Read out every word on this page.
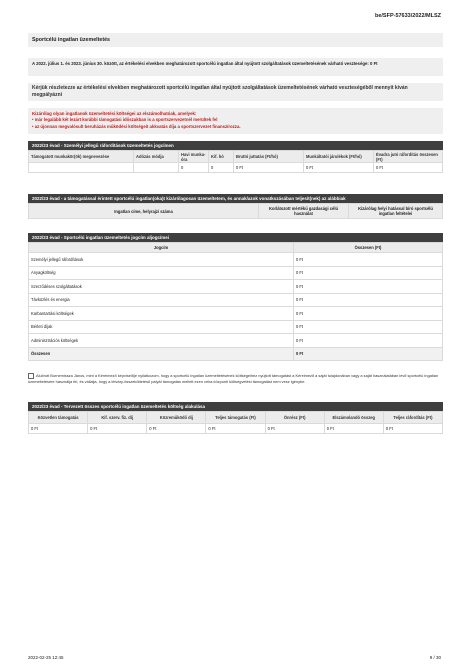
be/SFP-57633/2022/MLSZ
Sportcélú ingatlan üzemeltetés
A 2022. július 1. és 2023. június 30. között, az értékelési elvekben meghatározott sportcélú ingatlan által nyújtott szolgáltatások üzemeltetésének várható vesztesége: 0 Ft
Kérjük részletezze az értékelési elvekben meghatározott sportcélú ingatlan által nyújtott szolgáltatások üzemeltetésének várható veszteségéből mennyit kíván megpályázni
Kizárólag olyan ingatlanok üzemeltetési költségei az elszámolhatóak, amelyek:
• már legalább két lezárt korábbi támogatási időszakban is a sportszervezetnél merültek fel
• az újonnan megvalósult beruházás működési költségeit akkvatás díja a sportszervezet finanszírozza.
2022/23 évad - Személyi jellegű ráfordítások üzemeltetés jogcímen
Támogatott munkakör(ök) megnevezése	Adózás módja	Havi munka-óra	Kif. hó	Bruttó juttatás (Ft/hó)	Munkáltatói járulékok (Ft/hó)	Évadra jutó ráfordítás összesen (Ft)
		0	0	0 Ft	0 Ft	0 Ft
2022/23 évad - a támogatással érintett sportcélú ingatlan(oka)t kizárólagosan üzemeltetem, és annak/azok vonatkozásában teljesít(nek) az alábbiak
Ingatlan címe, helyrajzi száma	Korlátozott mértékű gazdasági célú használat	Kizárólag helyi hatással bíró sportcélú ingatlan feltételei
2022/23 évad - Sportcélú ingatlan üzemeltetés jogcím aljogcímei
Jogcím	Összesen (Ft)
Személyi jellegű ráfordítások	0 Ft
Anyagköltség	0 Ft
Szerződéses szolgáltatások	0 Ft
Távközlés és energia	0 Ft
Karbantartási költségek	0 Ft
Bérleti díjak	0 Ft
Adminisztrációs költségek	0 Ft
Összesen	0 Ft
Alulírott Bornemissza János, mint a Kérelmező képviselője nyilatkozom, hogy a sportcélú ingatlan üzemeltetésének költségeihez nyújtott támogatást a Kérelmező a saját tulajdonában vagy a saját használatában lévő sportcélú ingatlan üzemeltetésére használja fel, és vállalja, hogy a létváry-összeköttetésű pályát támogatás mellett ezen célra központi költségvetési támogatást nem vesz igénybe.
2022/23 évad - Tervezett összes sportcélú ingatlan üzemeltetés költség alakulása
Közvetlen támogatás	Kif. szerv. fiz. díj	Közreműködő díj	Teljes támogatás (Ft)	Önrész (Ft)	Elszámolandó összeg	Teljes ráfordítás (Ft)
0 Ft	0 Ft	0 Ft	0 Ft	0 Ft	0 Ft	0 Ft
2022-02-25 12:45	9 / 30
